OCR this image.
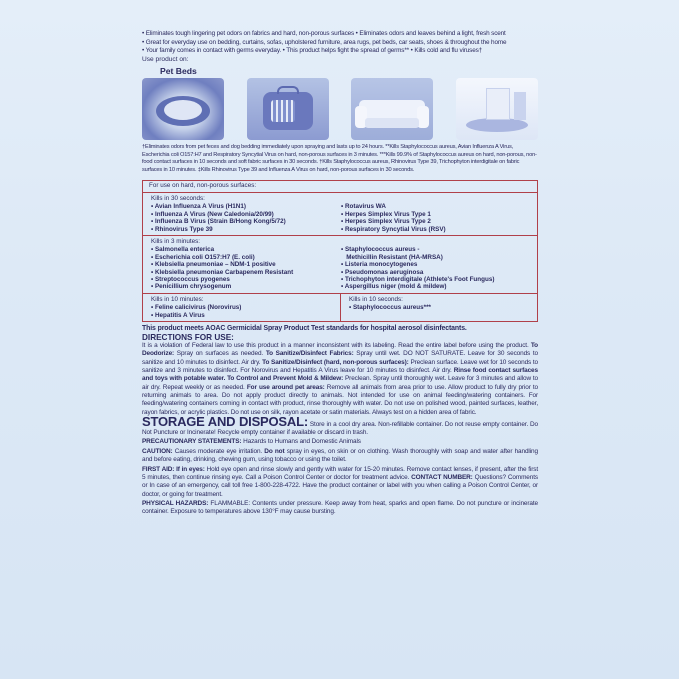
• Eliminates tough lingering pet odors on fabrics and hard, non-porous surfaces • Eliminates odors and leaves behind a light, fresh scent
• Great for everyday use on bedding, curtains, sofas, upholstered furniture, area rugs, pet beds, car seats, shoes & throughout the home
• Your family comes in contact with germs everyday. • This product helps fight the spread of germs** • Kills cold and flu viruses†
Use product on:
Pet Beds
†Eliminates odors from pet feces and dog bedding immediately upon spraying and lasts up to 24 hours. **Kills Staphylococcus aureus, Avian Influenza A Virus, Escherichia coli O157:H7 and Respiratory Syncytial Virus on hard, non-porous surfaces in 3 minutes. ***Kills 99.9% of Staphylococcus aureus on hard, non-porous, non-food contact surfaces in 10 seconds and soft fabric surfaces in 30 seconds. †Kills Staphylococcus aureus, Rhinovirus Type 39, Trichophyton interdigitale on fabric surfaces in 10 minutes. ‡Kills Rhinovirus Type 39 and Influenza A Virus on hard, non-porous surfaces in 30 seconds.
For use on hard, non-porous surfaces:
Kills in 30 seconds:
• Avian Influenza A Virus (H1N1)
• Influenza A Virus (New Caledonia/20/99)
• Influenza B Virus (Strain B/Hong Kong/5/72)
• Rhinovirus Type 39
• Rotavirus WA
• Herpes Simplex Virus Type 1
• Herpes Simplex Virus Type 2
• Respiratory Syncytial Virus (RSV)
Kills in 3 minutes:
• Salmonella enterica
• Escherichia coli O157:H7 (E. coli)
• Klebsiella pneumoniae – NDM-1 positive
• Klebsiella pneumoniae Carbapenem Resistant
• Streptococcus pyogenes
• Penicillium chrysogenum
• Staphylococcus aureus -
Methicillin Resistant (HA-MRSA)
• Listeria monocytogenes
• Pseudomonas aeruginosa
• Trichophyton interdigitale (Athlete's Foot Fungus)
• Aspergillus niger (mold & mildew)
Kills in 10 minutes:
• Feline calicivirus (Norovirus)
• Hepatitis A Virus
Kills in 10 seconds:
• Staphylococcus aureus***
This product meets AOAC Germicidal Spray Product Test standards for hospital aerosol disinfectants.
DIRECTIONS FOR USE:
It is a violation of Federal law to use this product in a manner inconsistent with its labeling. Read the entire label before using the product. To Deodorize: Spray on surfaces as needed. To Sanitize/Disinfect Fabrics: Spray until wet. DO NOT SATURATE. Leave for 30 seconds to sanitize and 10 minutes to disinfect. Air dry. To Sanitize/Disinfect (hard, non-porous surfaces): Preclean surface. Leave wet for 10 seconds to sanitize and 3 minutes to disinfect. For Norovirus and Hepatitis A Virus leave for 10 minutes to disinfect. Air dry. Rinse food contact surfaces and toys with potable water. To Control and Prevent Mold & Mildew: Preclean. Spray until thoroughly wet. Leave for 3 minutes and allow to air dry. Repeat weekly or as needed. For use around pet areas: Remove all animals from area prior to use. Allow product to fully dry prior to returning animals to area. Do not apply product directly to animals. Not intended for use on animal feeding/watering containers. For feeding/watering containers coming in contact with product, rinse thoroughly with water. Do not use on polished wood, painted surfaces, leather, rayon fabrics, or acrylic plastics. Do not use on silk, rayon acetate or satin materials. Always test on a hidden area of fabric.
STORAGE AND DISPOSAL: Store in a cool dry area. Non-refillable container. Do not reuse empty container. Do Not Puncture or Incinerate! Recycle empty container if available or discard in trash.
PRECAUTIONARY STATEMENTS: Hazards to Humans and Domestic Animals
CAUTION: Causes moderate eye irritation. Do not spray in eyes, on skin or on clothing. Wash thoroughly with soap and water after handling and before eating, drinking, chewing gum, using tobacco or using the toilet.
FIRST AID: If in eyes: Hold eye open and rinse slowly and gently with water for 15-20 minutes. Remove contact lenses, if present, after the first 5 minutes, then continue rinsing eye. Call a Poison Control Center or doctor for treatment advice. CONTACT NUMBER: Questions? Comments or In case of an emergency, call toll free 1-800-228-4722. Have the product container or label with you when calling a Poison Control Center, or doctor, or going for treatment.
PHYSICAL HAZARDS: FLAMMABLE: Contents under pressure. Keep away from heat, sparks and open flame. Do not puncture or incinerate container. Exposure to temperatures above 130°F may cause bursting.
